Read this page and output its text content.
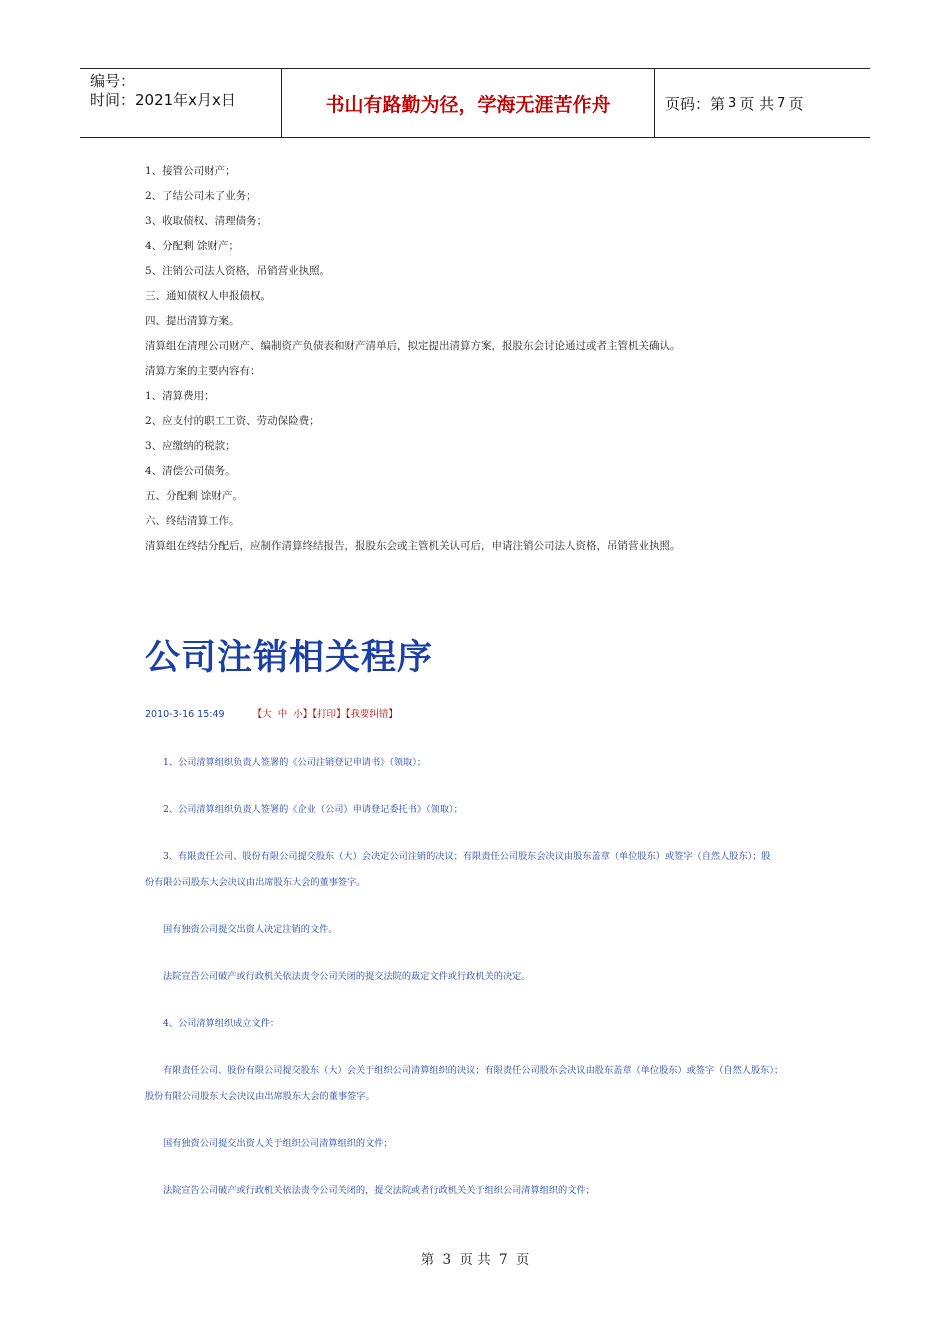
编号：
时间：2021年x月x日	书山有路勤为径，学海无涯苦作舟	页码：第 3 页 共 7 页
1、接管公司财产；
2、了结公司未了业务；
3、收取债权、清理债务；
4、分配剩 馀财产；
5、注销公司法人资格，吊销营业执照。
三、通知债权人申报债权。
四、提出清算方案。
清算组在清理公司财产、编制资产负债表和财产清单后，拟定提出清算方案，报股东会讨论通过或者主管机关确认。
清算方案的主要内容有：
1、清算费用；
2、应支付的职工工资、劳动保险费；
3、应缴纳的税款；
4、清偿公司债务。
五、分配剩 馀财产。
六、终结清算工作。
清算组在终结分配后，应制作清算终结报告，报股东会或主管机关认可后，申请注销公司法人资格，吊销营业执照。
公司注销相关程序
2010-3-16 15:49	【大 中 小】【打印】【我要纠错】
1、公司清算组织负责人签署的《公司注销登记申请书》（领取）；
2、公司清算组织负责人签署的《企业（公司）申请登记委托书》（领取）；
3、有限责任公司、股份有限公司提交股东（大）会决定公司注销的决议；有限责任公司股东会决议由股东盖章（单位股东）或签字（自然人股东）；股
份有限公司股东大会决议由出席股东大会的董事签字。
国有独资公司提交出资人决定注销的文件。
法院宣告公司破产或行政机关依法责令公司关闭的提交法院的裁定文件或行政机关的决定。
4、公司清算组织成立文件：
有限责任公司、股份有限公司提交股东（大）会关于组织公司清算组织的决议；有限责任公司股东会决议由股东盖章（单位股东）或签字（自然人股东）；
股份有限公司股东大会决议由出席股东大会的董事签字。
国有独资公司提交出资人关于组织公司清算组织的文件；
法院宣告公司破产或行政机关依法责令公司关闭的，提交法院或者行政机关关于组织公司清算组织的文件；
第 3 页 共 7 页
